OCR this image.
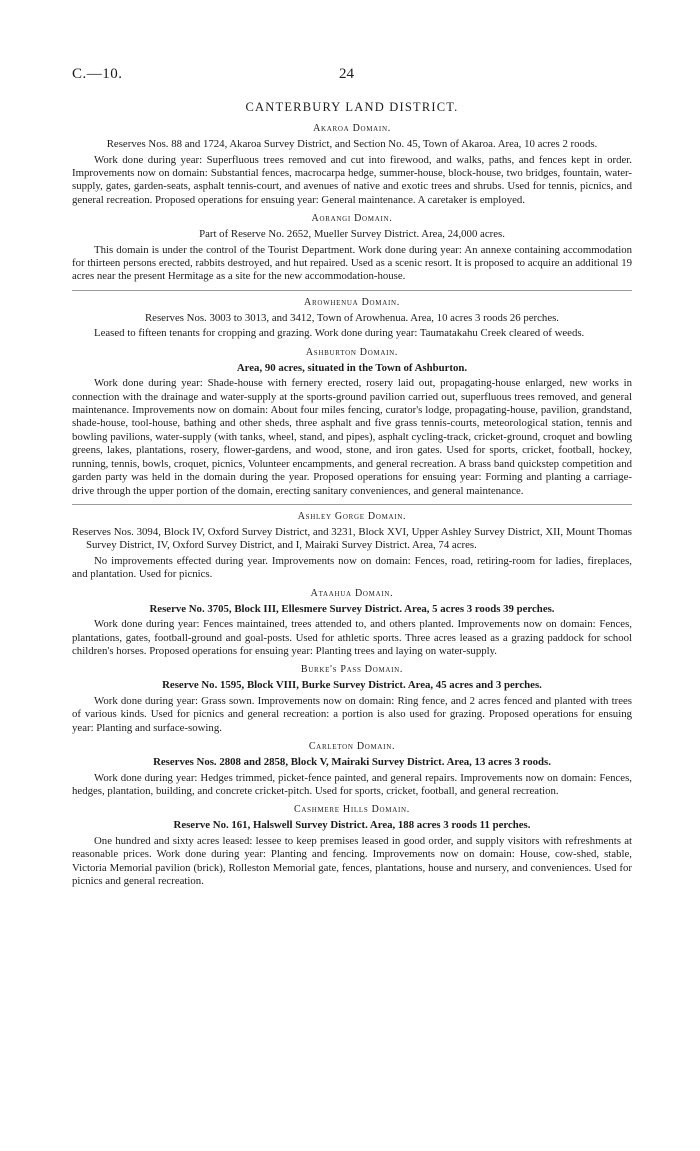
C.—10.	24
CANTERBURY LAND DISTRICT.
Akaroa Domain.
Reserves Nos. 88 and 1724, Akaroa Survey District, and Section No. 45, Town of Akaroa. Area, 10 acres 2 roods.
Work done during year: Superfluous trees removed and cut into firewood, and walks, paths, and fences kept in order. Improvements now on domain: Substantial fences, macrocarpa hedge, summer-house, block-house, two bridges, fountain, water-supply, gates, garden-seats, asphalt tennis-court, and avenues of native and exotic trees and shrubs. Used for tennis, picnics, and general recreation. Proposed operations for ensuing year: General maintenance. A caretaker is employed.
Aorangi Domain.
Part of Reserve No. 2652, Mueller Survey District. Area, 24,000 acres.
This domain is under the control of the Tourist Department. Work done during year: An annexe containing accommodation for thirteen persons erected, rabbits destroyed, and hut repaired. Used as a scenic resort. It is proposed to acquire an additional 19 acres near the present Hermitage as a site for the new accommodation-house.
Arowhenua Domain.
Reserves Nos. 3003 to 3013, and 3412, Town of Arowhenua. Area, 10 acres 3 roods 26 perches.
Leased to fifteen tenants for cropping and grazing. Work done during year: Taumatakahu Creek cleared of weeds.
Ashburton Domain.
Area, 90 acres, situated in the Town of Ashburton.
Work done during year: Shade-house with fernery erected, rosery laid out, propagating-house enlarged, new works in connection with the drainage and water-supply at the sports-ground pavilion carried out, superfluous trees removed, and general maintenance. Improvements now on domain: About four miles fencing, curator's lodge, propagating-house, pavilion, grandstand, shade-house, tool-house, bathing and other sheds, three asphalt and five grass tennis-courts, meteorological station, tennis and bowling pavilions, water-supply (with tanks, wheel, stand, and pipes), asphalt cycling-track, cricket-ground, croquet and bowling greens, lakes, plantations, rosery, flower-gardens, and wood, stone, and iron gates. Used for sports, cricket, football, hockey, running, tennis, bowls, croquet, picnics, Volunteer encampments, and general recreation. A brass band quickstep competition and garden party was held in the domain during the year. Proposed operations for ensuing year: Forming and planting a carriage-drive through the upper portion of the domain, erecting sanitary conveniences, and general maintenance.
Ashley Gorge Domain.
Reserves Nos. 3094, Block IV, Oxford Survey District, and 3231, Block XVI, Upper Ashley Survey District, XII, Mount Thomas Survey District, IV, Oxford Survey District, and I, Mairaki Survey District. Area, 74 acres.
No improvements effected during year. Improvements now on domain: Fences, road, retiring-room for ladies, fireplaces, and plantation. Used for picnics.
Ataahua Domain.
Reserve No. 3705, Block III, Ellesmere Survey District. Area, 5 acres 3 roods 39 perches.
Work done during year: Fences maintained, trees attended to, and others planted. Improvements now on domain: Fences, plantations, gates, football-ground and goal-posts. Used for athletic sports. Three acres leased as a grazing paddock for school children's horses. Proposed operations for ensuing year: Planting trees and laying on water-supply.
Burke's Pass Domain.
Reserve No. 1595, Block VIII, Burke Survey District. Area, 45 acres and 3 perches.
Work done during year: Grass sown. Improvements now on domain: Ring fence, and 2 acres fenced and planted with trees of various kinds. Used for picnics and general recreation: a portion is also used for grazing. Proposed operations for ensuing year: Planting and surface-sowing.
Carleton Domain.
Reserves Nos. 2808 and 2858, Block V, Mairaki Survey District. Area, 13 acres 3 roods.
Work done during year: Hedges trimmed, picket-fence painted, and general repairs. Improvements now on domain: Fences, hedges, plantation, building, and concrete cricket-pitch. Used for sports, cricket, football, and general recreation.
Cashmere Hills Domain.
Reserve No. 161, Halswell Survey District. Area, 188 acres 3 roods 11 perches.
One hundred and sixty acres leased: lessee to keep premises leased in good order, and supply visitors with refreshments at reasonable prices. Work done during year: Planting and fencing. Improvements now on domain: House, cow-shed, stable, Victoria Memorial pavilion (brick), Rolleston Memorial gate, fences, plantations, house and nursery, and conveniences. Used for picnics and general recreation.
